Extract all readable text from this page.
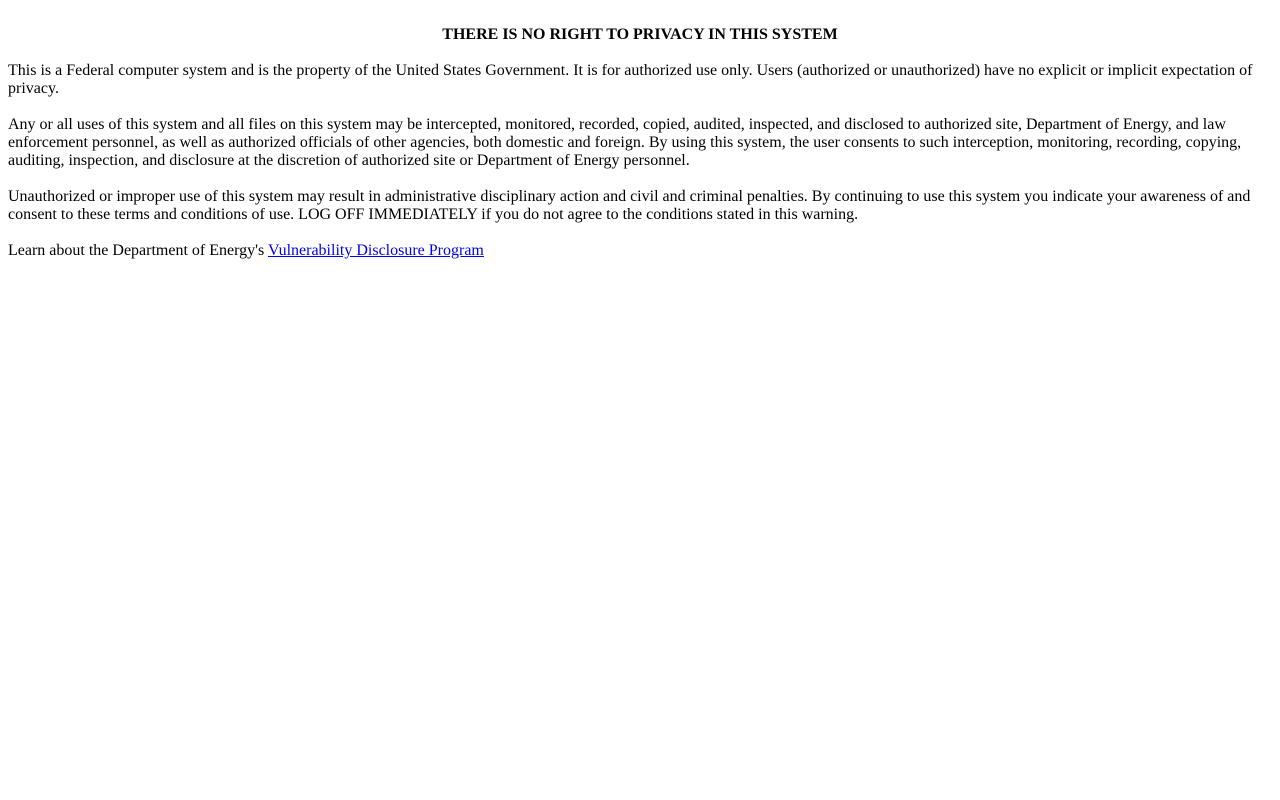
THERE IS NO RIGHT TO PRIVACY IN THIS SYSTEM

This is a Federal computer system and is the property of the United States Government. It is for authorized use only. Users (authorized or unauthorized) have no explicit or implicit expectation of privacy.

Any or all uses of this system and all files on this system may be intercepted, monitored, recorded, copied, audited, inspected, and disclosed to authorized site, Department of Energy, and law enforcement personnel, as well as authorized officials of other agencies, both domestic and foreign. By using this system, the user consents to such interception, monitoring, recording, copying, auditing, inspection, and disclosure at the discretion of authorized site or Department of Energy personnel.

Unauthorized or improper use of this system may result in administrative disciplinary action and civil and criminal penalties. By continuing to use this system you indicate your awareness of and consent to these terms and conditions of use. LOG OFF IMMEDIATELY if you do not agree to the conditions stated in this warning.

Learn about the Department of Energy's Vulnerability Disclosure Program
